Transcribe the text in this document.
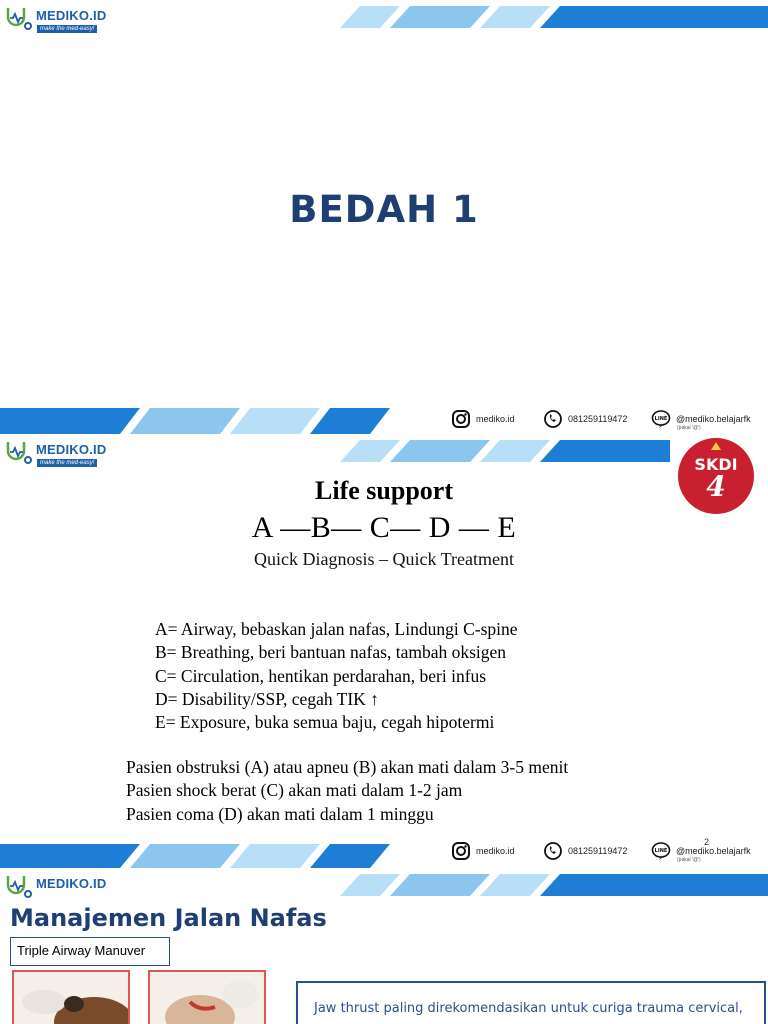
MEDIKO.ID
make the med-easy!
BEDAH 1
mediko.id	081259119472	LINE @mediko.belajarfk
(pakai '@')
MEDIKO.ID
make the med-easy!	SKDI
4
Life support
A —B— C— D — E
Quick Diagnosis – Quick Treatment
A= Airway, bebaskan jalan nafas, Lindungi C-spine
B= Breathing, beri bantuan nafas, tambah oksigen
C= Circulation, hentikan perdarahan, beri infus
D= Disability/SSP, cegah TIK ↑
E= Exposure, buka semua baju, cegah hipotermi
Pasien obstruksi (A) atau apneu (B) akan mati dalam 3-5 menit
Pasien shock berat (C) akan mati dalam 1-2 jam
Pasien coma (D) akan mati dalam 1 minggu
2
mediko.id	081259119472	LINE @mediko.belajarfk
(pakai '@')
MEDIKO.ID
Manajemen Jalan Nafas
Triple Airway Manuver
Jaw thrust paling direkomendasikan untuk curiga trauma cervical,
